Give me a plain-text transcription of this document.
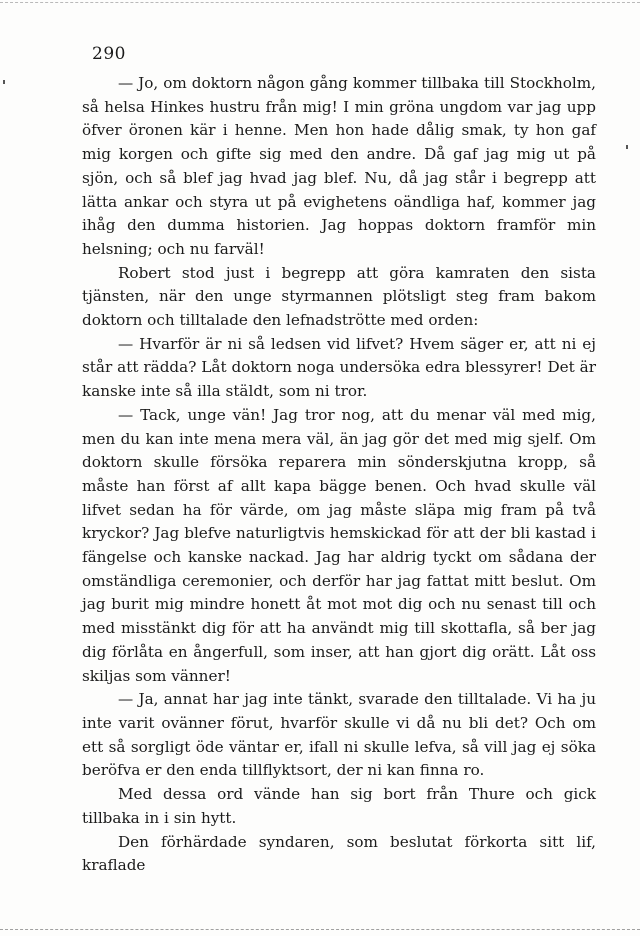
290

— Jo, om doktorn någon gång kommer tillbaka till Stockholm, så helsa Hinkes hustru från mig! I min gröna ungdom var jag upp öfver öronen kär i henne. Men hon hade dålig smak, ty hon gaf mig korgen och gifte sig med den andre. Då gaf jag mig ut på sjön, och så blef jag hvad jag blef. Nu, då jag står i begrepp att lätta ankar och styra ut på evighetens oändliga haf, kommer jag ihåg den dumma historien. Jag hoppas doktorn framför min helsning; och nu farväl!

Robert stod just i begrepp att göra kamraten den sista tjänsten, när den unge styrmannen plötsligt steg fram bakom doktorn och tilltalade den lefnadströtte med orden:

— Hvarför är ni så ledsen vid lifvet? Hvem säger er, att ni ej står att rädda? Låt doktorn noga undersöka edra blessyrer! Det är kanske inte så illa stäldt, som ni tror.

— Tack, unge vän! Jag tror nog, att du menar väl med mig, men du kan inte mena mera väl, än jag gör det med mig sjelf. Om doktorn skulle försöka reparera min sönderskjutna kropp, så måste han först af allt kapa bägge benen. Och hvad skulle väl lifvet sedan ha för värde, om jag måste släpa mig fram på två kryckor? Jag blefve naturligtvis hemskickad för att der bli kastad i fängelse och kanske nackad. Jag har aldrig tyckt om sådana der omständliga ceremonier, och derför har jag fattat mitt beslut. Om jag burit mig mindre honett åt mot mot dig och nu senast till och med misstänkt dig för att ha användt mig till skottafla, så ber jag dig förlåta en ångerfull, som inser, att han gjort dig orätt. Låt oss skiljas som vänner!

— Ja, annat har jag inte tänkt, svarade den tilltalade. Vi ha ju inte varit ovänner förut, hvarför skulle vi då nu bli det? Och om ett så sorgligt öde väntar er, ifall ni skulle lefva, så vill jag ej söka beröfva er den enda tillflyktsort, der ni kan finna ro.

Med dessa ord vände han sig bort från Thure och gick tillbaka in i sin hytt.

Den förhärdade syndaren, som beslutat förkorta sitt lif, kraflade
